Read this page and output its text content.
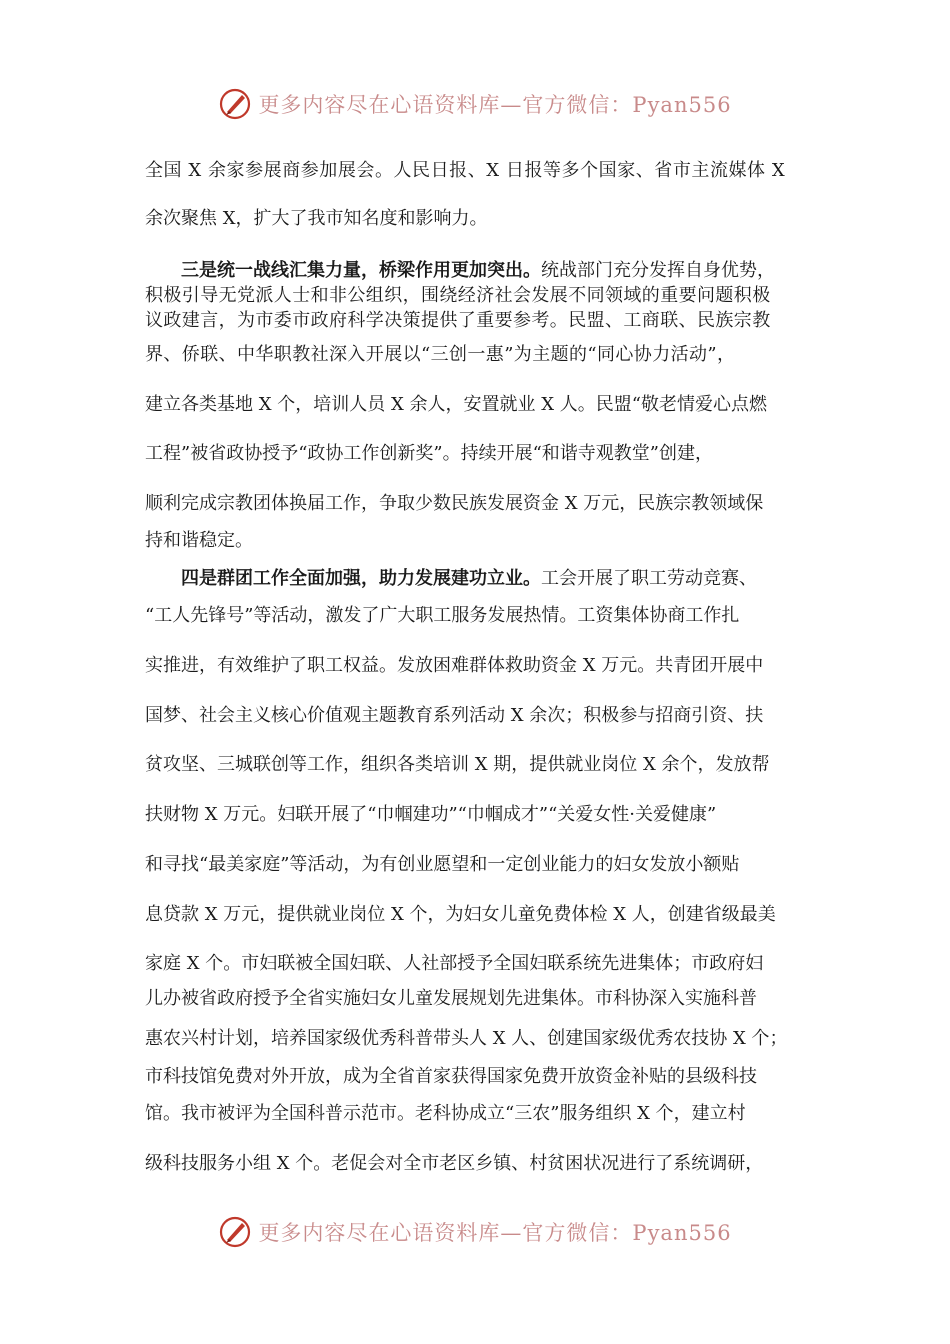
更多内容尽在心语资料库—官方微信：Pyan556
全国 X 余家参展商参加展会。人民日报、X 日报等多个国家、省市主流媒体 X
余次聚焦 X，扩大了我市知名度和影响力。
三是统一战线汇集力量，桥梁作用更加突出。统战部门充分发挥自身优势，
积极引导无党派人士和非公组织，围绕经济社会发展不同领域的重要问题积极
议政建言，为市委市政府科学决策提供了重要参考。民盟、工商联、民族宗教
界、侨联、中华职教社深入开展以“三创一惠”为主题的“同心协力活动”，
建立各类基地 X 个，培训人员 X 余人，安置就业 X 人。民盟“敬老情爱心点燃
工程”被省政协授予“政协工作创新奖”。持续开展“和谐寺观教堂”创建，
顺利完成宗教团体换届工作，争取少数民族发展资金 X 万元，民族宗教领域保
持和谐稳定。
四是群团工作全面加强，助力发展建功立业。工会开展了职工劳动竞赛、
“工人先锋号”等活动，激发了广大职工服务发展热情。工资集体协商工作扎
实推进，有效维护了职工权益。发放困难群体救助资金 X 万元。共青团开展中
国梦、社会主义核心价值观主题教育系列活动 X 余次；积极参与招商引资、扶
贫攻坚、三城联创等工作，组织各类培训 X 期，提供就业岗位 X 余个，发放帮
扶财物 X 万元。妇联开展了“巾帼建功”“巾帼成才”“关爱女性·关爱健康”
和寻找“最美家庭”等活动，为有创业愿望和一定创业能力的妇女发放小额贴
息贷款 X 万元，提供就业岗位 X 个，为妇女儿童免费体检 X 人，创建省级最美
家庭 X 个。市妇联被全国妇联、人社部授予全国妇联系统先进集体；市政府妇
儿办被省政府授予全省实施妇女儿童发展规划先进集体。市科协深入实施科普
惠农兴村计划，培养国家级优秀科普带头人 X 人、创建国家级优秀农技协 X 个；
市科技馆免费对外开放，成为全省首家获得国家免费开放资金补贴的县级科技
馆。我市被评为全国科普示范市。老科协成立“三农”服务组织 X 个，建立村
级科技服务小组 X 个。老促会对全市老区乡镇、村贫困状况进行了系统调研，
更多内容尽在心语资料库—官方微信：Pyan556
